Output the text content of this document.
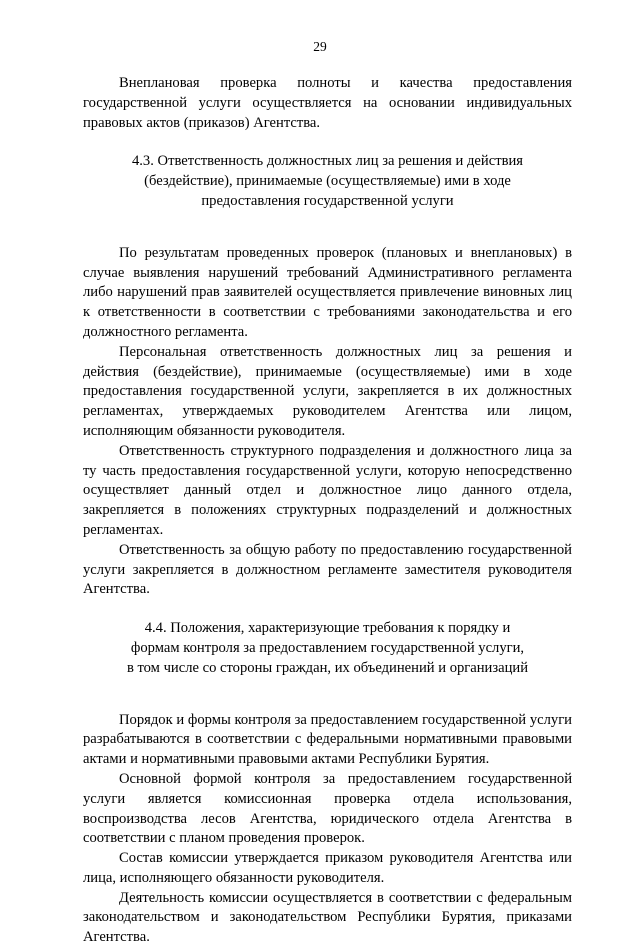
29

Внеплановая проверка полноты и качества предоставления государственной услуги осуществляется на основании индивидуальных правовых актов (приказов) Агентства.

4.3. Ответственность должностных лиц за решения и действия
(бездействие), принимаемые (осуществляемые) ими в ходе
предоставления государственной услуги

По результатам проведенных проверок (плановых и внеплановых) в случае выявления нарушений требований Административного регламента либо нарушений прав заявителей осуществляется привлечение виновных лиц к ответственности в соответствии с требованиями законодательства и его должностного регламента.

Персональная ответственность должностных лиц за решения и действия (бездействие), принимаемые (осуществляемые) ими в ходе предоставления государственной услуги, закрепляется в их должностных регламентах, утверждаемых руководителем Агентства или лицом, исполняющим обязанности руководителя.

Ответственность структурного подразделения и должностного лица за ту часть предоставления государственной услуги, которую непосредственно осуществляет данный отдел и должностное лицо данного отдела, закрепляется в положениях структурных подразделений и должностных регламентах.

Ответственность за общую работу по предоставлению государственной услуги закрепляется в должностном регламенте заместителя руководителя Агентства.

4.4. Положения, характеризующие требования к порядку и
формам контроля за предоставлением государственной услуги,
в том числе со стороны граждан, их объединений и организаций

Порядок и формы контроля за предоставлением государственной услуги разрабатываются в соответствии с федеральными нормативными правовыми актами и нормативными правовыми актами Республики Бурятия.

Основной формой контроля за предоставлением государственной услуги является комиссионная проверка отдела использования, воспроизводства лесов Агентства, юридического отдела Агентства в соответствии с планом проведения проверок.

Состав комиссии утверждается приказом руководителя Агентства или лица, исполняющего обязанности руководителя.

Деятельность комиссии осуществляется в соответствии с федеральным законодательством и законодательством Республики Бурятия, приказами Агентства.
